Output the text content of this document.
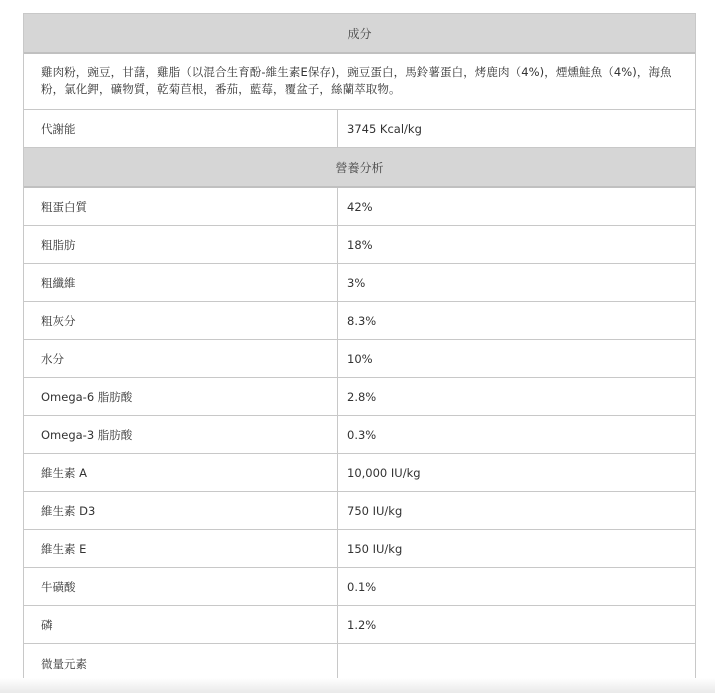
成分
雞肉粉，豌豆，甘藷，雞脂（以混合生育酚-維生素E保存)，豌豆蛋白，馬鈴薯蛋白，烤鹿肉（4%)，煙燻鮭魚（4%)，海魚粉，氯化鉀，礦物質，乾菊苣根，番茄，藍莓，覆盆子，絲蘭萃取物。
代謝能	3745 Kcal/kg
營養分析
粗蛋白質	42%
粗脂肪	18%
粗纖維	3%
粗灰分	8.3%
水分	10%
Omega-6 脂肪酸	2.8%
Omega-3 脂肪酸	0.3%
維生素 A	10,000 IU/kg
維生素 D3	750 IU/kg
維生素 E	150 IU/kg
牛磺酸	0.1%
磷	1.2%
微量元素
